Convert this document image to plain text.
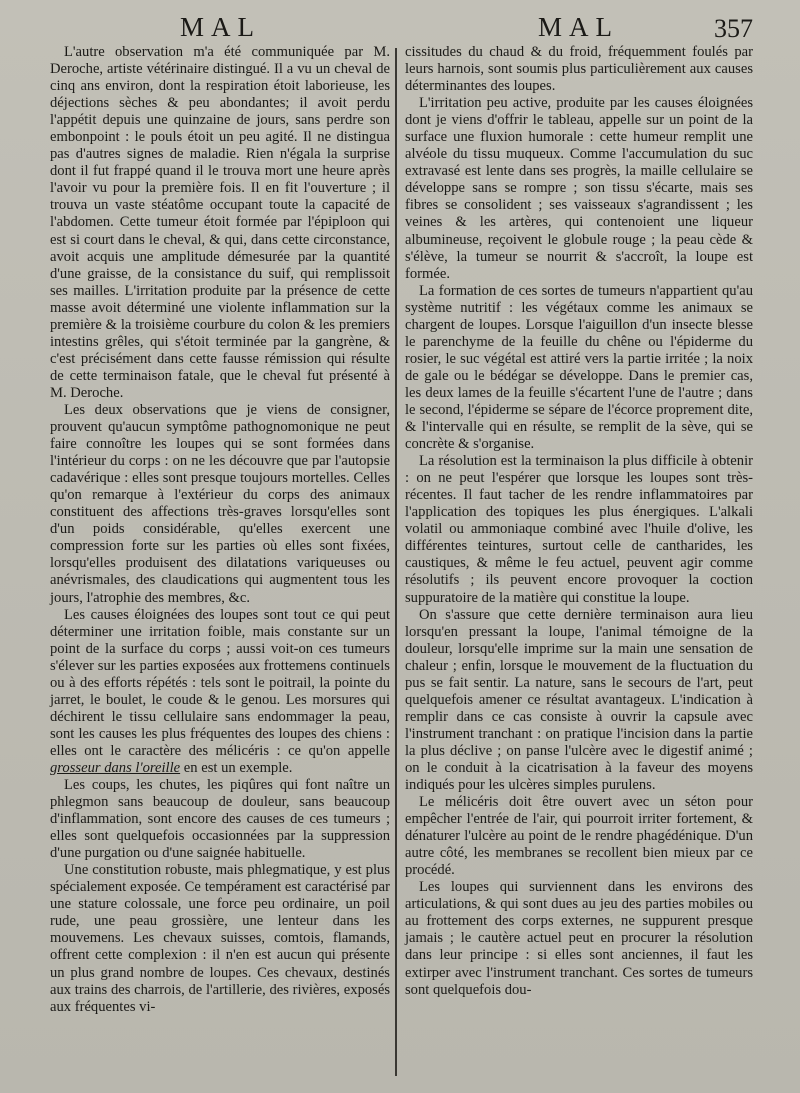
MAL	MAL	357

L'autre observation m'a été communiquée par M. Deroche, artiste vétérinaire distingué. Il a vu un cheval de cinq ans environ, dont la respiration étoit laborieuse, les déjections sèches & peu abondantes; il avoit perdu l'appétit depuis une quinzaine de jours, sans perdre son embonpoint : le pouls étoit un peu agité. Il ne distingua pas d'autres signes de maladie. Rien n'égala la surprise dont il fut frappé quand il le trouva mort une heure après l'avoir vu pour la première fois. Il en fit l'ouverture ; il trouva un vaste stéatôme occupant toute la capacité de l'abdomen. Cette tumeur étoit formée par l'épiploon qui est si court dans le cheval, & qui, dans cette circonstance, avoit acquis une amplitude démesurée par la quantité d'une graisse, de la consistance du suif, qui remplissoit ses mailles. L'irritation produite par la présence de cette masse avoit déterminé une violente inflammation sur la première & la troisième courbure du colon & les premiers intestins grêles, qui s'étoit terminée par la gangrène, & c'est précisément dans cette fausse rémission qui résulte de cette terminaison fatale, que le cheval fut présenté à M. Deroche.

Les deux observations que je viens de consigner, prouvent qu'aucun symptôme pathognomonique ne peut faire connoître les loupes qui se sont formées dans l'intérieur du corps : on ne les découvre que par l'autopsie cadavérique : elles sont presque toujours mortelles. Celles qu'on remarque à l'extérieur du corps des animaux constituent des affections très-graves lorsqu'elles sont d'un poids considérable, qu'elles exercent une compression forte sur les parties où elles sont fixées, lorsqu'elles produisent des dilatations variqueuses ou anévrismales, des claudications qui augmentent tous les jours, l'atrophie des membres, &c.

Les causes éloignées des loupes sont tout ce qui peut déterminer une irritation foible, mais constante sur un point de la surface du corps ; aussi voit-on ces tumeurs s'élever sur les parties exposées aux frottemens continuels ou à des efforts répétés : tels sont le poitrail, la pointe du jarret, le boulet, le coude & le genou. Les morsures qui déchirent le tissu cellulaire sans endommager la peau, sont les causes les plus fréquentes des loupes des chiens : elles ont le caractère des mélicéris : ce qu'on appelle grosseur dans l'oreille en est un exemple.

Les coups, les chutes, les piqûres qui font naître un phlegmon sans beaucoup de douleur, sans beaucoup d'inflammation, sont encore des causes de ces tumeurs ; elles sont quelquefois occasionnées par la suppression d'une purgation ou d'une saignée habituelle.

Une constitution robuste, mais phlegmatique, y est plus spécialement exposée. Ce tempérament est caractérisé par une stature colossale, une force peu ordinaire, un poil rude, une peau grossière, une lenteur dans les mouvemens. Les chevaux suisses, comtois, flamands, offrent cette complexion : il n'en est aucun qui présente un plus grand nombre de loupes. Ces chevaux, destinés aux trains des charrois, de l'artillerie, des rivières, exposés aux fréquentes vi-

cissitudes du chaud & du froid, fréquemment foulés par leurs harnois, sont soumis plus particulièrement aux causes déterminantes des loupes.

L'irritation peu active, produite par les causes éloignées dont je viens d'offrir le tableau, appelle sur un point de la surface une fluxion humorale : cette humeur remplit une alvéole du tissu muqueux. Comme l'accumulation du suc extravasé est lente dans ses progrès, la maille cellulaire se développe sans se rompre ; son tissu s'écarte, mais ses fibres se consolident ; ses vaisseaux s'agrandissent ; les veines & les artères, qui contenoient une liqueur albumineuse, reçoivent le globule rouge ; la peau cède & s'élève, la tumeur se nourrit & s'accroît, la loupe est formée.

La formation de ces sortes de tumeurs n'appartient qu'au système nutritif : les végétaux comme les animaux se chargent de loupes. Lorsque l'aiguillon d'un insecte blesse le parenchyme de la feuille du chêne ou l'épiderme du rosier, le suc végétal est attiré vers la partie irritée ; la noix de gale ou le bédégar se développe. Dans le premier cas, les deux lames de la feuille s'écartent l'une de l'autre ; dans le second, l'épiderme se sépare de l'écorce proprement dite, & l'intervalle qui en résulte, se remplit de la sève, qui se concrète & s'organise.

La résolution est la terminaison la plus difficile à obtenir : on ne peut l'espérer que lorsque les loupes sont très-récentes. Il faut tacher de les rendre inflammatoires par l'application des topiques les plus énergiques. L'alkali volatil ou ammoniaque combiné avec l'huile d'olive, les différentes teintures, surtout celle de cantharides, les caustiques, & même le feu actuel, peuvent agir comme résolutifs ; ils peuvent encore provoquer la coction suppuratoire de la matière qui constitue la loupe.

On s'assure que cette dernière terminaison aura lieu lorsqu'en pressant la loupe, l'animal témoigne de la douleur, lorsqu'elle imprime sur la main une sensation de chaleur ; enfin, lorsque le mouvement de la fluctuation du pus se fait sentir. La nature, sans le secours de l'art, peut quelquefois amener ce résultat avantageux. L'indication à remplir dans ce cas consiste à ouvrir la capsule avec l'instrument tranchant : on pratique l'incision dans la partie la plus déclive ; on panse l'ulcère avec le digestif animé ; on le conduit à la cicatrisation à la faveur des moyens indiqués pour les ulcères simples purulens.

Le mélicéris doit être ouvert avec un séton pour empêcher l'entrée de l'air, qui pourroit irriter fortement, & dénaturer l'ulcère au point de le rendre phagédénique. D'un autre côté, les membranes se recollent bien mieux par ce procédé.

Les loupes qui surviennent dans les environs des articulations, & qui sont dues au jeu des parties mobiles ou au frottement des corps externes, ne suppurent presque jamais ; le cautère actuel peut en procurer la résolution dans leur principe : si elles sont anciennes, il faut les extirper avec l'instrument tranchant. Ces sortes de tumeurs sont quelquefois dou-
